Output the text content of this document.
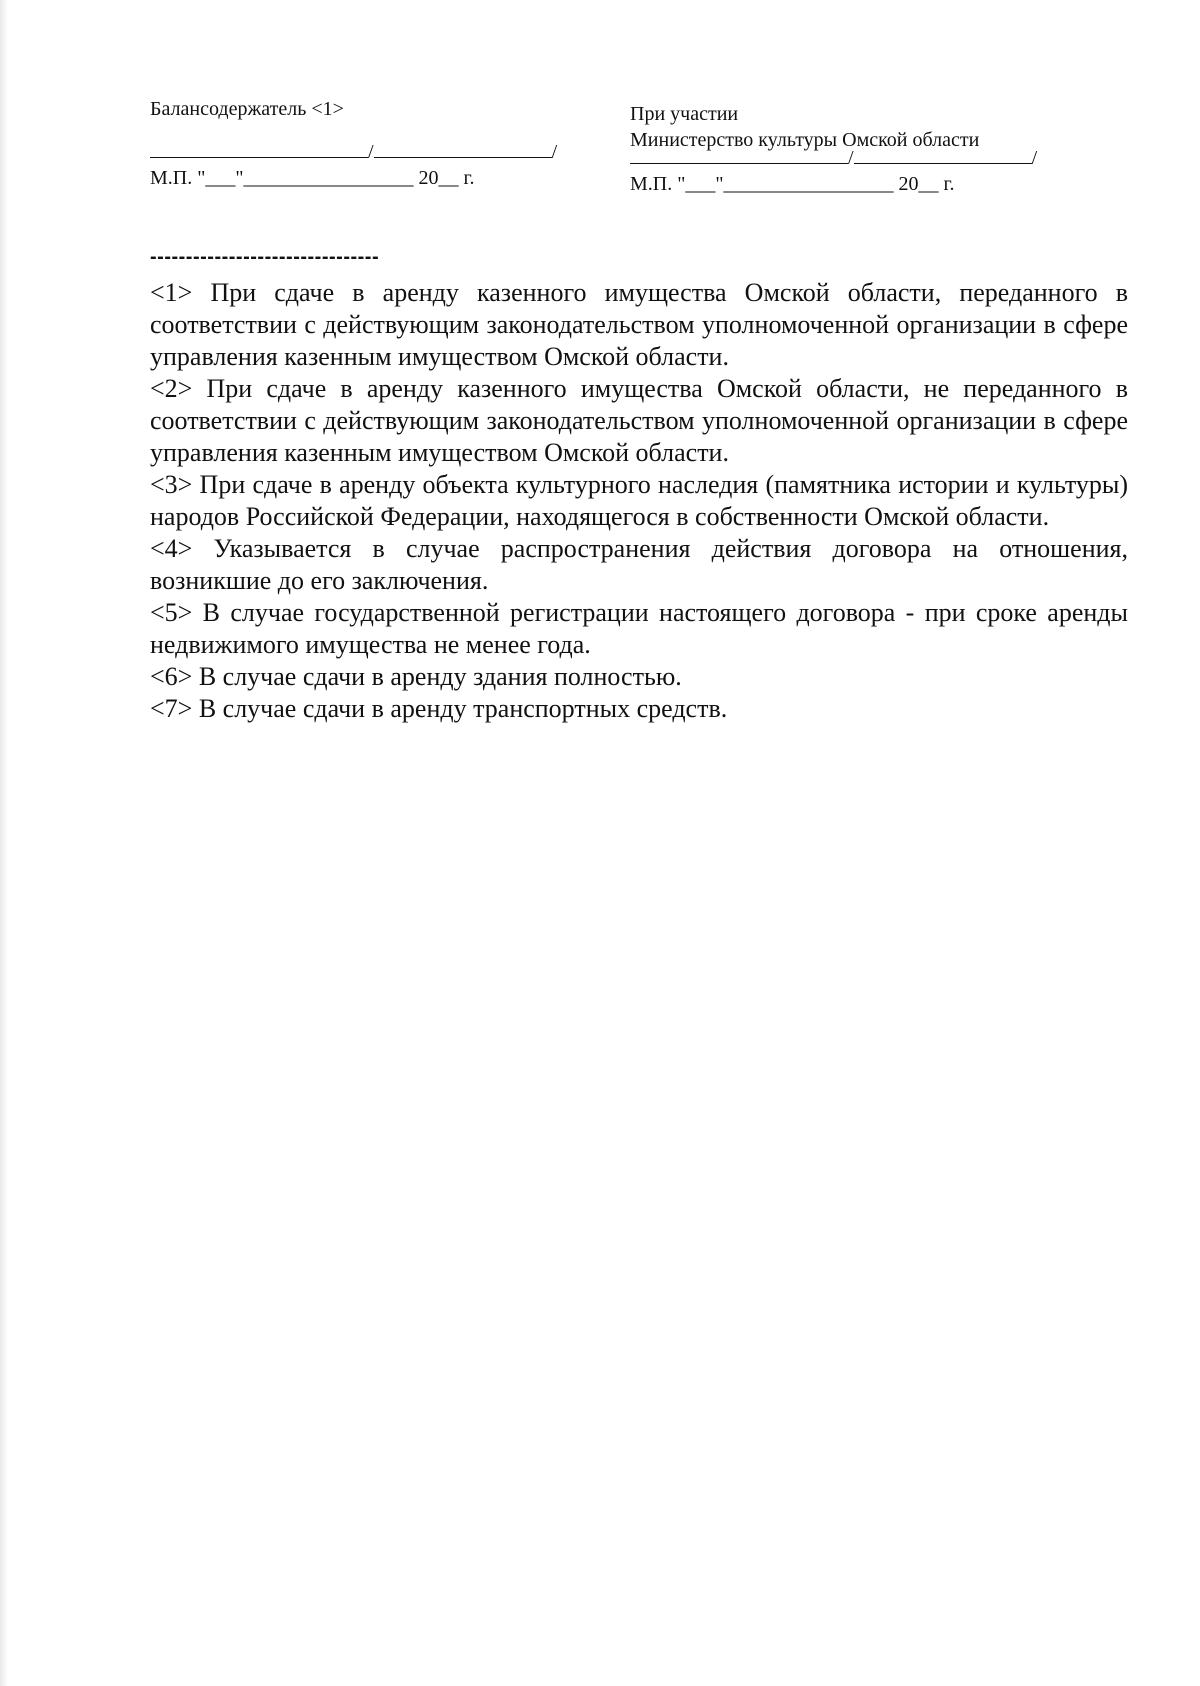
Балансодержатель <1>
/	/
М.П. "___"_________________ 20__ г.
При участии
Министерство культуры Омской области
/	/
М.П. "___"_________________ 20__ г.
--------------------------------

<1> При сдаче в аренду казенного имущества Омской области, переданного в соответствии с действующим законодательством уполномоченной организации в сфере управления казенным имуществом Омской области.

<2> При сдаче в аренду казенного имущества Омской области, не переданного в соответствии с действующим законодательством уполномоченной организации в сфере управления казенным имуществом Омской области.

<3> При сдаче в аренду объекта культурного наследия (памятника истории и культуры) народов Российской Федерации, находящегося в собственности Омской области.

<4> Указывается в случае распространения действия договора на отношения, возникшие до его заключения.

<5> В случае государственной регистрации настоящего договора - при сроке аренды недвижимого имущества не менее года.

<6> В случае сдачи в аренду здания полностью.

<7> В случае сдачи в аренду транспортных средств.
